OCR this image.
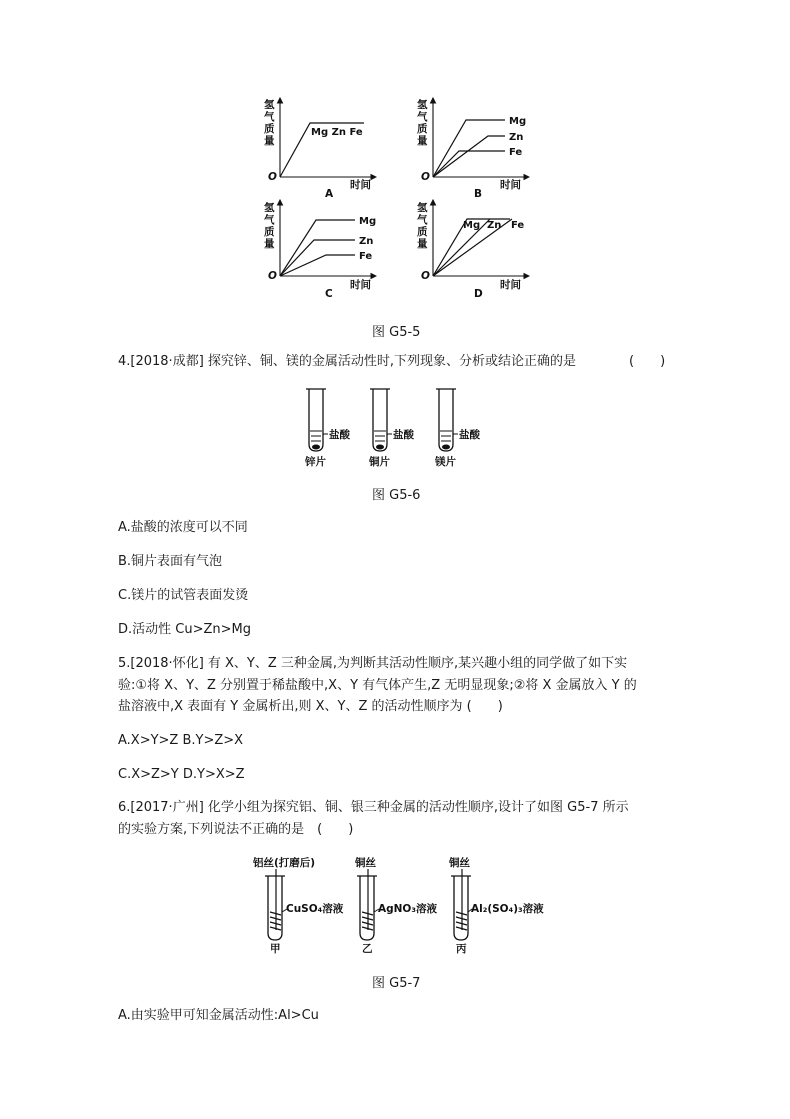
氢
气
质
量
O
时间
Mg Zn Fe
A
氢
气
质
量
O
时间
Mg
Zn
Fe
B
氢
气
质
量
O
时间
Mg
Zn
Fe
C
氢
气
质
量
O
时间
Mg Zn Fe
D
图 G5-5
4.[2018·成都] 探究锌、铜、镁的金属活动性时,下列现象、分析或结论正确的是	(　　)
盐酸
锌片
盐酸
铜片
盐酸
镁片
图 G5-6
A.盐酸的浓度可以不同
B.铜片表面有气泡
C.镁片的试管表面发烫
D.活动性 Cu>Zn>Mg
5.[2018·怀化] 有 X、Y、Z 三种金属,为判断其活动性顺序,某兴趣小组的同学做了如下实
验:①将 X、Y、Z 分别置于稀盐酸中,X、Y 有气体产生,Z 无明显现象;②将 X 金属放入 Y 的
盐溶液中,X 表面有 Y 金属析出,则 X、Y、Z 的活动性顺序为 (　　)
A.X>Y>Z B.Y>Z>X
C.X>Z>Y D.Y>X>Z
6.[2017·广州] 化学小组为探究铝、铜、银三种金属的活动性顺序,设计了如图 G5-7 所示
的实验方案,下列说法不正确的是　(　　)
铝丝(打磨后)
CuSO₄溶液
甲
铜丝
AgNO₃溶液
乙
铜丝
Al₂(SO₄)₃溶液
丙
图 G5-7
A.由实验甲可知金属活动性:Al>Cu
